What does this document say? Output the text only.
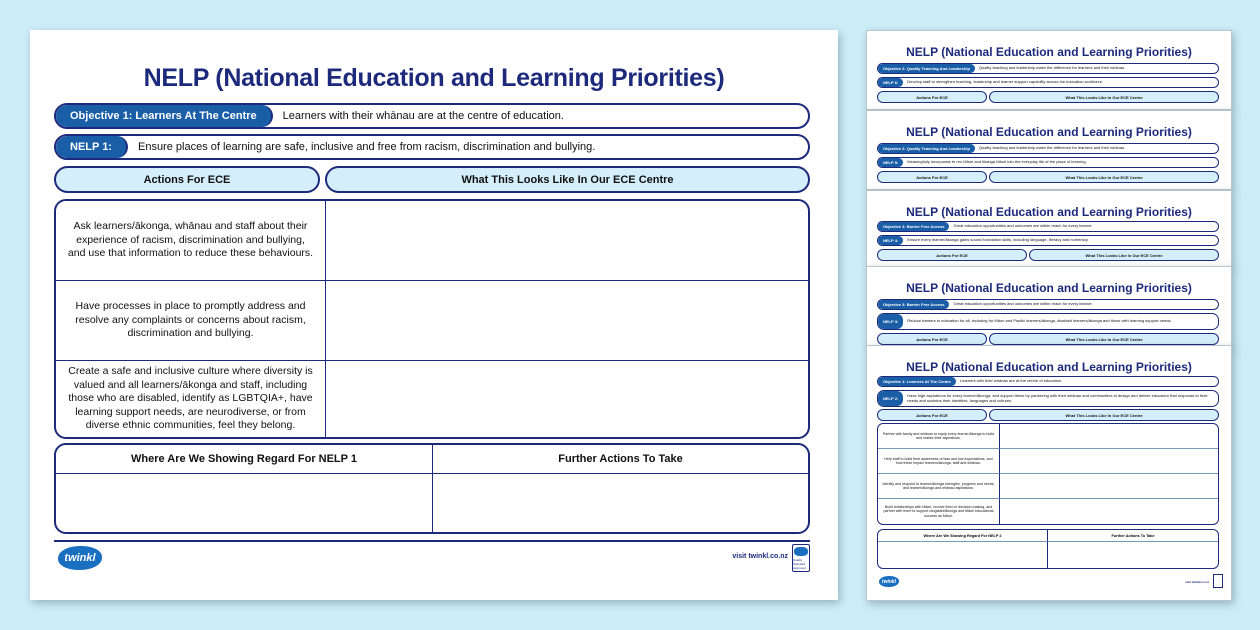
NELP (National Education and Learning Priorities)
Objective 1: Learners At The Centre	Learners with their whānau are at the centre of education.
NELP 1:	Ensure places of learning are safe, inclusive and free from racism, discrimination and bullying.
Actions For ECE	What This Looks Like In Our ECE Centre
Ask learners/ākonga, whānau and staff about their experience of racism, discrimination and bullying, and use that information to reduce these behaviours.
Have processes in place to promptly address and resolve any complaints or concerns about racism, discrimination and bullying.
Create a safe and inclusive culture where diversity is valued and all learners/ākonga and staff, including those who are disabled, identify as LGBTQIA+, have learning support needs, are neurodiverse, or from diverse ethnic communities, feel they belong.
Where Are We Showing Regard For NELP 1	Further Actions To Take
twinkl	visit twinkl.co.nz Quality Standard Approved
NELP (National Education and Learning Priorities)
Objective 2: Quality Teaching And Leadership	Quality teaching and leadership make the difference for learners and their whānau.
NELP 6:	Develop staff to strengthen teaching, leadership and learner support capability across the education workforce.
Actions For ECE	What This Looks Like In Our ECE Centre
NELP (National Education and Learning Priorities)
Objective 2: Quality Teaching And Leadership	Quality teaching and leadership make the difference for learners and their whānau.
NELP 5:	Meaningfully incorporate te reo Māori and tikanga Māori into the everyday life of the place of learning.
Actions For ECE	What This Looks Like In Our ECE Centre
NELP (National Education and Learning Priorities)
Objective 3: Barrier Free Access	Great education opportunities and outcomes are within reach for every learner.
NELP 4:	Ensure every learner/ākonga gains sound foundation skills, including language, literacy and numeracy.
Actions For ECE	What This Looks Like In Our ECE Centre
NELP (National Education and Learning Priorities)
Objective 3: Barrier Free Access	Great education opportunities and outcomes are within reach for every learner.
NELP 3:	Reduce barriers to education for all, including for Māori and Pacific learners/ākonga, disabled learners/ākonga and those with learning support needs.
Actions For ECE	What This Looks Like In Our ECE Centre
NELP (National Education and Learning Priorities)
Objective 1: Learners At The Centre	Learners with their whānau are at the centre of education.
NELP 2:
Have high aspirations for every learner/ākonga, and support these by partnering with their whānau and communities to design and deliver education that responds to their needs and sustains their identities, languages and cultures.
Actions For ECE	What This Looks Like In Our ECE Centre
Partner with family and whānau to equip every learner/ākonga to build and realise their aspirations.
Help staff to build their awareness of bias and low expectations, and how these impact learners/ākonga, staff and whānau.
Identify and respond to learner/ākonga strengths, progress and needs, and learner/ākonga and whānau aspirations.
Build relationships with Māori, involve them in decision-making, and partner with them to support rangatahi/ākonga and Māori educational success as Māori.
Where Are We Showing Regard For NELP 2	Further Actions To Take
twinkl	visit twinkl.co.nz
